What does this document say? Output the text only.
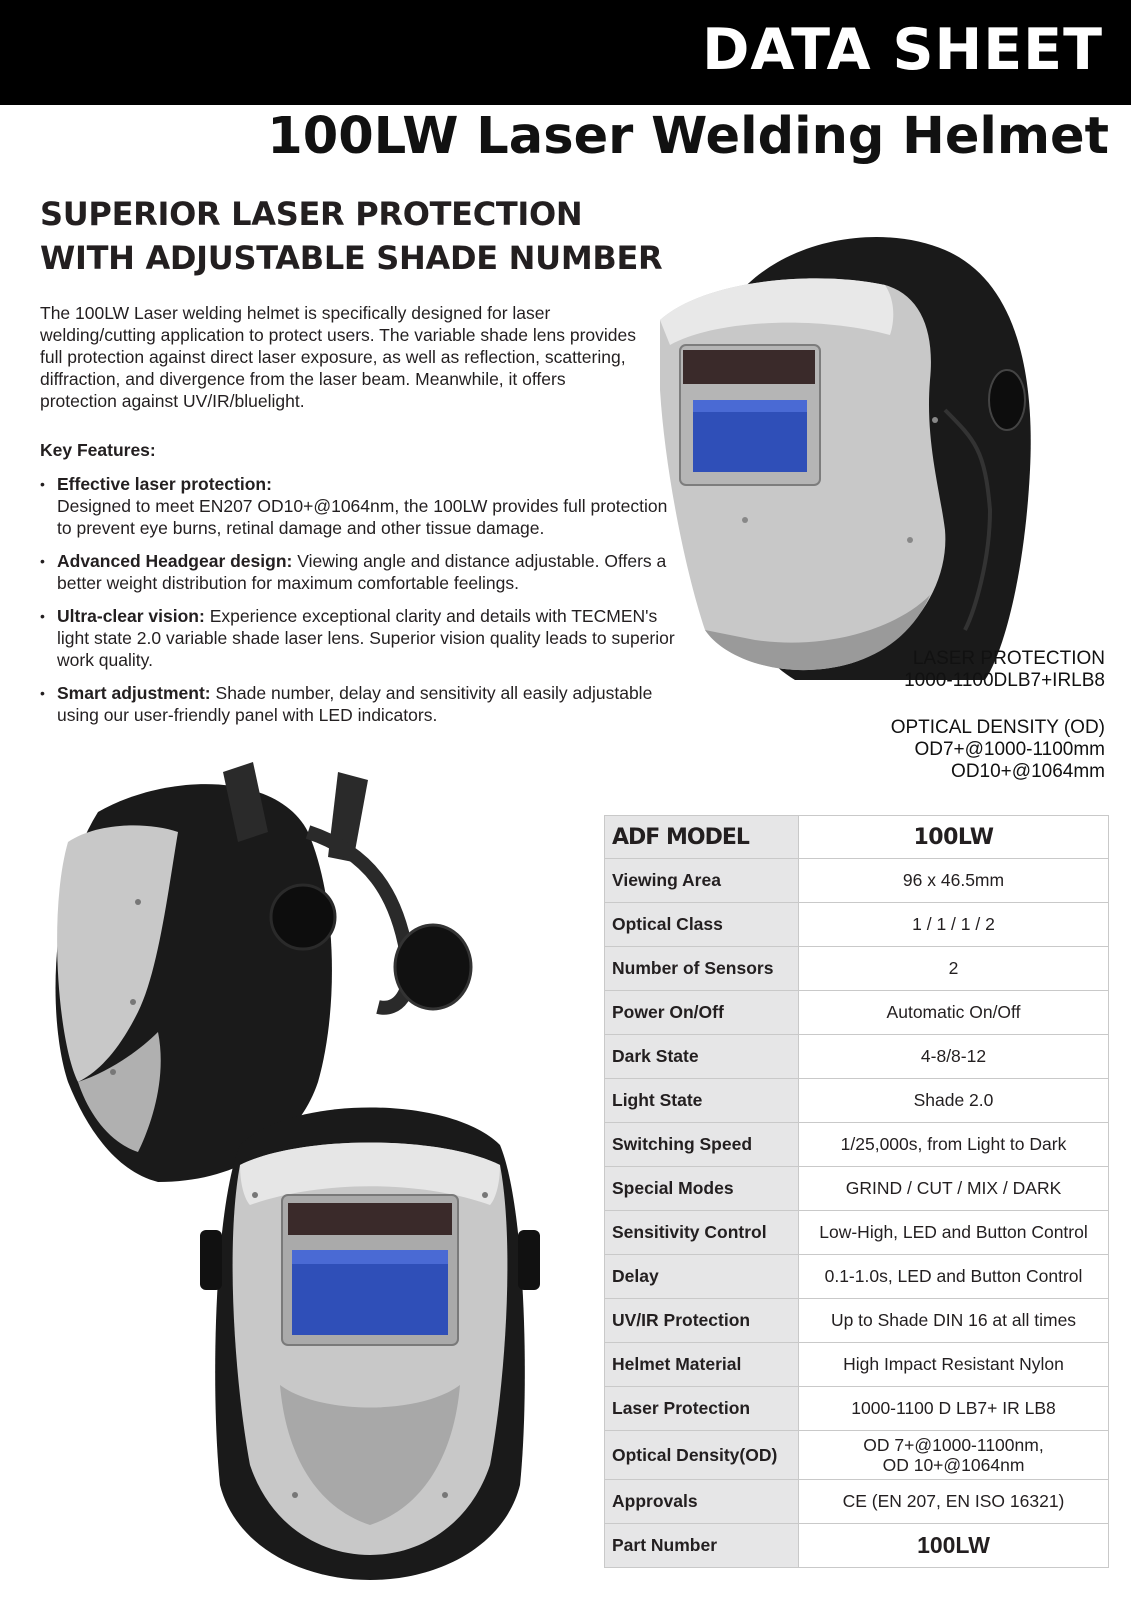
DATA SHEET
100LW Laser Welding Helmet
SUPERIOR LASER PROTECTION
WITH ADJUSTABLE SHADE NUMBER
The 100LW Laser welding helmet is specifically designed for laser welding/cutting application to protect users. The variable shade lens provides full protection against direct laser exposure, as well as reflection, scattering, diffraction, and divergence from the laser beam. Meanwhile, it offers protection against UV/IR/bluelight.
Key Features:
• Effective laser protection:
Designed to meet EN207 OD10+@1064nm, the 100LW provides full protection to prevent eye burns, retinal damage and other tissue damage.
• Advanced Headgear design: Viewing angle and distance adjustable. Offers a better weight distribution for maximum comfortable feelings.
• Ultra-clear vision: Experience exceptional clarity and details with TECMEN's light state 2.0 variable shade laser lens. Superior vision quality leads to superior work quality.
• Smart adjustment: Shade number, delay and sensitivity all easily adjustable using our user-friendly panel with LED indicators.
LASER PROTECTION
1000-1100DLB7+IRLB8
OPTICAL DENSITY (OD)
OD7+@1000-1100mm
OD10+@1064mm
ADF MODEL	100LW
Viewing Area	96 x 46.5mm
Optical Class	1 / 1 / 1 / 2
Number of Sensors	2
Power On/Off	Automatic On/Off
Dark State	4-8/8-12
Light State	Shade 2.0
Switching Speed	1/25,000s, from Light to Dark
Special Modes	GRIND / CUT / MIX / DARK
Sensitivity Control	Low-High, LED and Button Control
Delay	0.1-1.0s, LED and Button Control
UV/IR Protection	Up to Shade DIN 16 at all times
Helmet Material	High Impact Resistant Nylon
Laser Protection	1000-1100 D LB7+ IR LB8
Optical Density(OD)	OD 7+@1000-1100nm,
OD 10+@1064nm
Approvals	CE (EN 207, EN ISO 16321)
Part Number	100LW
